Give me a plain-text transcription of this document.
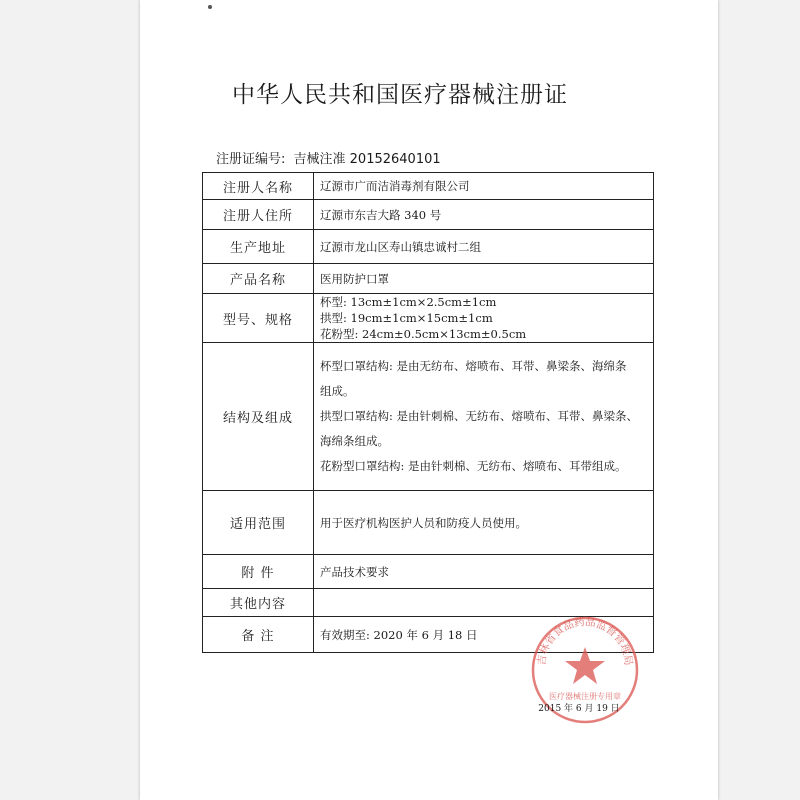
中华人民共和国医疗器械注册证
注册证编号: 吉械注准 20152640101
注册人名称	辽源市广而洁消毒剂有限公司
注册人住所	辽源市东吉大路 340 号
生产地址	辽源市龙山区寿山镇忠诚村二组
产品名称	医用防护口罩
型号、规格	杯型: 13cm±1cm×2.5cm±1cm
拱型: 19cm±1cm×15cm±1cm
花粉型: 24cm±0.5cm×13cm±0.5cm

结构及组成	杯型口罩结构: 是由无纺布、熔喷布、耳带、鼻梁条、海绵条
组成。
拱型口罩结构: 是由针刺棉、无纺布、熔喷布、耳带、鼻梁条、
海绵条组成。
花粉型口罩结构: 是由针刺棉、无纺布、熔喷布、耳带组成。

适用范围	用于医疗机构医护人员和防疫人员使用。
附 件	产品技术要求
其他内容	
备 注	有效期至: 2020 年 6 月 18 日
吉林省食品药品监督管理局
医疗器械注册专用章
2015 年 6 月 19 日
